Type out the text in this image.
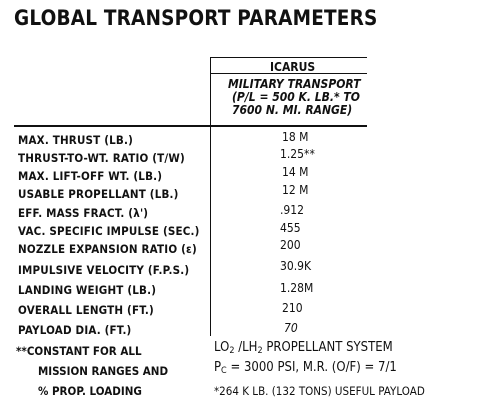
GLOBAL TRANSPORT PARAMETERS
ICARUS
MILITARY TRANSPORT
(P/L = 500 K. LB.* TO
7600 N. MI. RANGE)
MAX. THRUST (LB.)	18 M
THRUST-TO-WT. RATIO (T/W)	1.25**
MAX. LIFT-OFF WT. (LB.)	14 M
USABLE PROPELLANT (LB.)	12 M
EFF. MASS FRACT. (λ')	.912
VAC. SPECIFIC IMPULSE (SEC.)	455
NOZZLE EXPANSION RATIO (ε)	200
IMPULSIVE VELOCITY (F.P.S.)	30.9K
LANDING WEIGHT (LB.)	1.28M
OVERALL LENGTH (FT.)	210
PAYLOAD DIA. (FT.)	70
**CONSTANT FOR ALL
MISSION RANGES AND
% PROP. LOADING
$LO_2$ $/LH_2$ PROPELLANT SYSTEM
$P_C = 3000$ PSI, M.R. (O/F) = 7/1
*264 K LB. (132 TONS) USEFUL PAYLOAD
